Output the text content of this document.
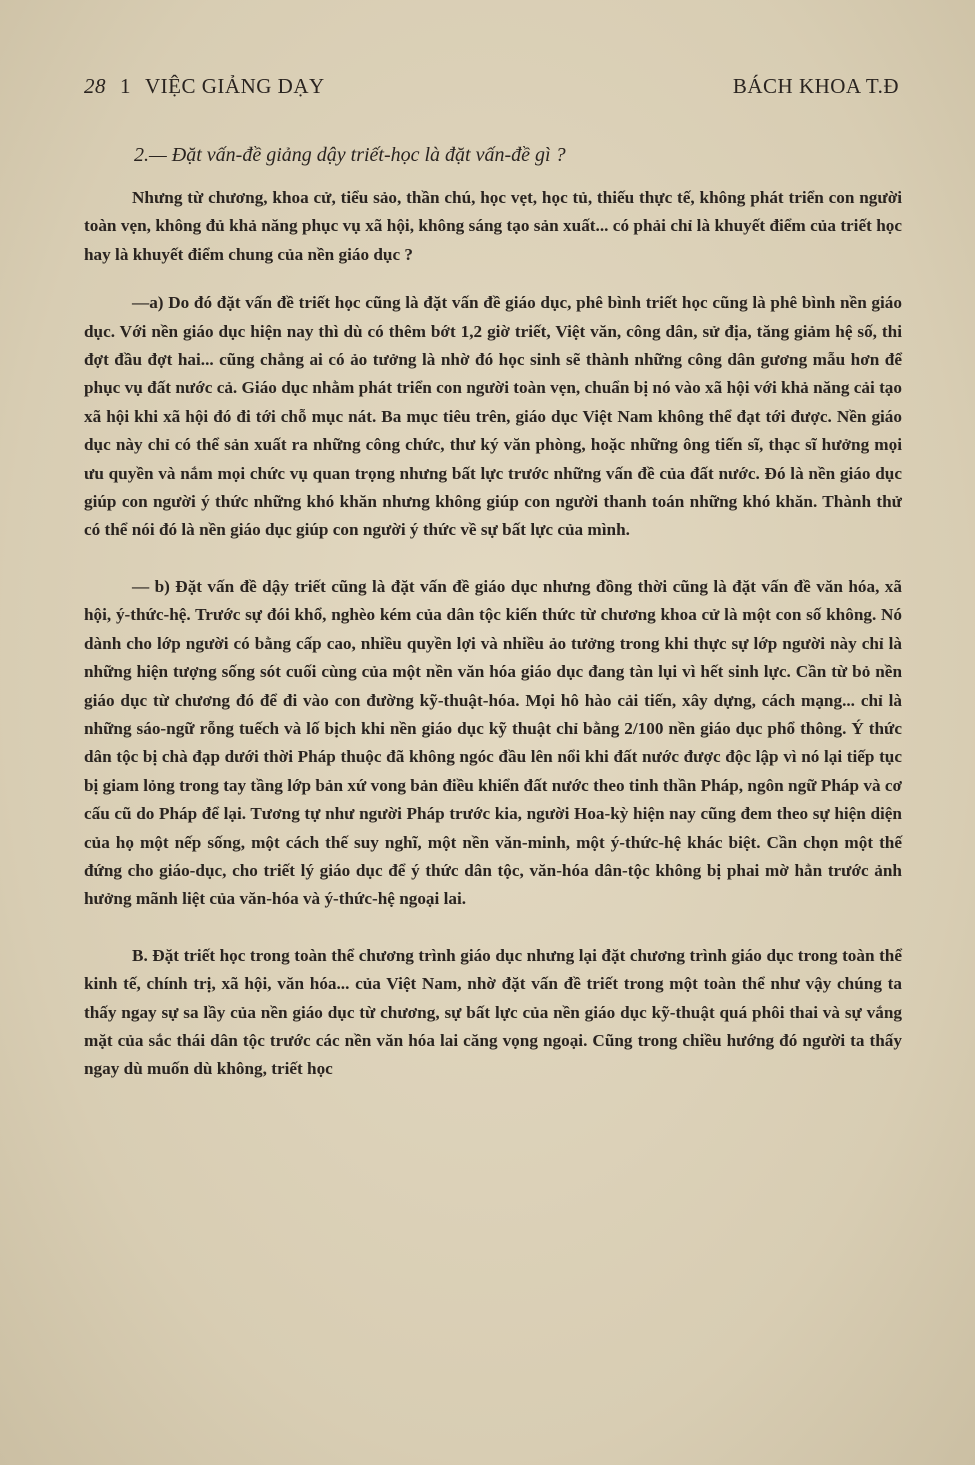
28 1 VIỆC GIẢNG DẠY	BÁCH KHOA T.Đ
2.— Đặt vấn-đề giảng dậy triết-học là đặt vấn-đề gì ?

Nhưng từ chương, khoa cử, tiểu sảo, thần chú, học vẹt, học tủ, thiếu thực tế, không phát triển con người toàn vẹn, không đủ khả năng phục vụ xã hội, không sáng tạo sản xuất... có phải chỉ là khuyết điểm của triết học hay là khuyết điểm chung của nền giáo dục ?

—a) Do đó đặt vấn đề triết học cũng là đặt vấn đề giáo dục, phê bình triết học cũng là phê bình nền giáo dục. Với nền giáo dục hiện nay thì dù có thêm bớt 1,2 giờ triết, Việt văn, công dân, sử địa, tăng giảm hệ số, thi đợt đầu đợt hai... cũng chẳng ai có ảo tưởng là nhờ đó học sinh sẽ thành những công dân gương mẫu hơn để phục vụ đất nước cả. Giáo dục nhằm phát triển con người toàn vẹn, chuẩn bị nó vào xã hội với khả năng cải tạo xã hội khi xã hội đó đi tới chỗ mục nát. Ba mục tiêu trên, giáo dục Việt Nam không thể đạt tới được. Nền giáo dục này chỉ có thể sản xuất ra những công chức, thư ký văn phòng, hoặc những ông tiến sĩ, thạc sĩ hưởng mọi ưu quyền và nắm mọi chức vụ quan trọng nhưng bất lực trước những vấn đề của đất nước. Đó là nền giáo dục giúp con người ý thức những khó khăn nhưng không giúp con người thanh toán những khó khăn. Thành thử có thể nói đó là nền giáo dục giúp con người ý thức về sự bất lực của mình.

— b) Đặt vấn đề dậy triết cũng là đặt vấn đề giáo dục nhưng đồng thời cũng là đặt vấn đề văn hóa, xã hội, ý-thức-hệ. Trước sự đói khổ, nghèo kém của dân tộc kiến thức từ chương khoa cử là một con số không. Nó dành cho lớp người có bằng cấp cao, nhiều quyền lợi và nhiều ảo tưởng trong khi thực sự lớp người này chỉ là những hiện tượng sống sót cuối cùng của một nền văn hóa giáo dục đang tàn lụi vì hết sinh lực. Cần từ bỏ nền giáo dục từ chương đó để đi vào con đường kỹ-thuật-hóa. Mọi hô hào cải tiến, xây dựng, cách mạng... chỉ là những sáo-ngữ rỗng tuếch và lố bịch khi nền giáo dục kỹ thuật chỉ bằng 2/100 nền giáo dục phổ thông. Ý thức dân tộc bị chà đạp dưới thời Pháp thuộc đã không ngóc đầu lên nổi khi đất nước được độc lập vì nó lại tiếp tục bị giam lỏng trong tay tầng lớp bản xứ vong bản điều khiển đất nước theo tinh thần Pháp, ngôn ngữ Pháp và cơ cấu cũ do Pháp để lại. Tương tự như người Pháp trước kia, người Hoa-kỳ hiện nay cũng đem theo sự hiện diện của họ một nếp sống, một cách thế suy nghĩ, một nền văn-minh, một ý-thức-hệ khác biệt. Cần chọn một thế đứng cho giáo-dục, cho triết lý giáo dục để ý thức dân tộc, văn-hóa dân-tộc không bị phai mờ hẳn trước ảnh hưởng mãnh liệt của văn-hóa và ý-thức-hệ ngoại lai.

B. Đặt triết học trong toàn thể chương trình giáo dục nhưng lại đặt chương trình giáo dục trong toàn thể kinh tế, chính trị, xã hội, văn hóa... của Việt Nam, nhờ đặt vấn đề triết trong một toàn thể như vậy chúng ta thấy ngay sự sa lầy của nền giáo dục từ chương, sự bất lực của nền giáo dục kỹ-thuật quá phôi thai và sự vắng mặt của sắc thái dân tộc trước các nền văn hóa lai căng vọng ngoại. Cũng trong chiều hướng đó người ta thấy ngay dù muốn dù không, triết học
